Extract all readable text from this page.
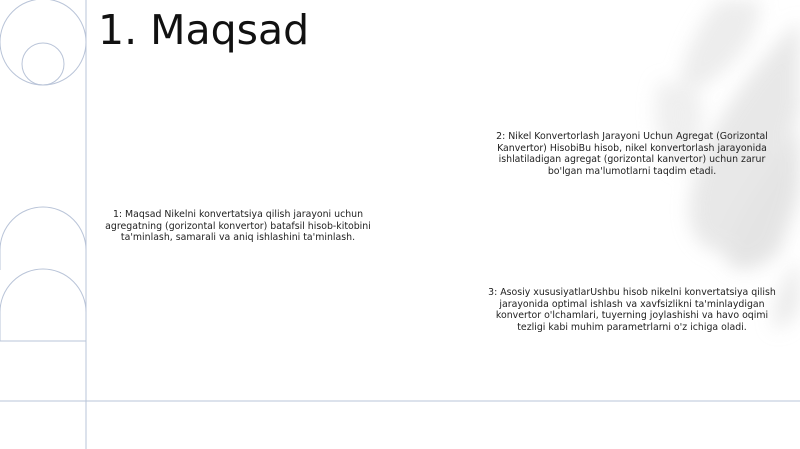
1. Maqsad

1: Maqsad Nikelni konvertatsiya qilish jarayoni uchun agregatning (gorizontal konvertor) batafsil hisob-kitobini ta'minlash, samarali va aniq ishlashini ta'minlash.

2: Nikel Konvertorlash Jarayoni Uchun Agregat (Gorizontal Kanvertor) HisobiBu hisob, nikel konvertorlash jarayonida ishlatiladigan agregat (gorizontal kanvertor) uchun zarur bo'lgan ma'lumotlarni taqdim etadi.

3: Asosiy xususiyatlarUshbu hisob nikelni konvertatsiya qilish jarayonida optimal ishlash va xavfsizlikni ta'minlaydigan konvertor o'lchamlari, tuyerning joylashishi va havo oqimi tezligi kabi muhim parametrlarni o'z ichiga oladi.
